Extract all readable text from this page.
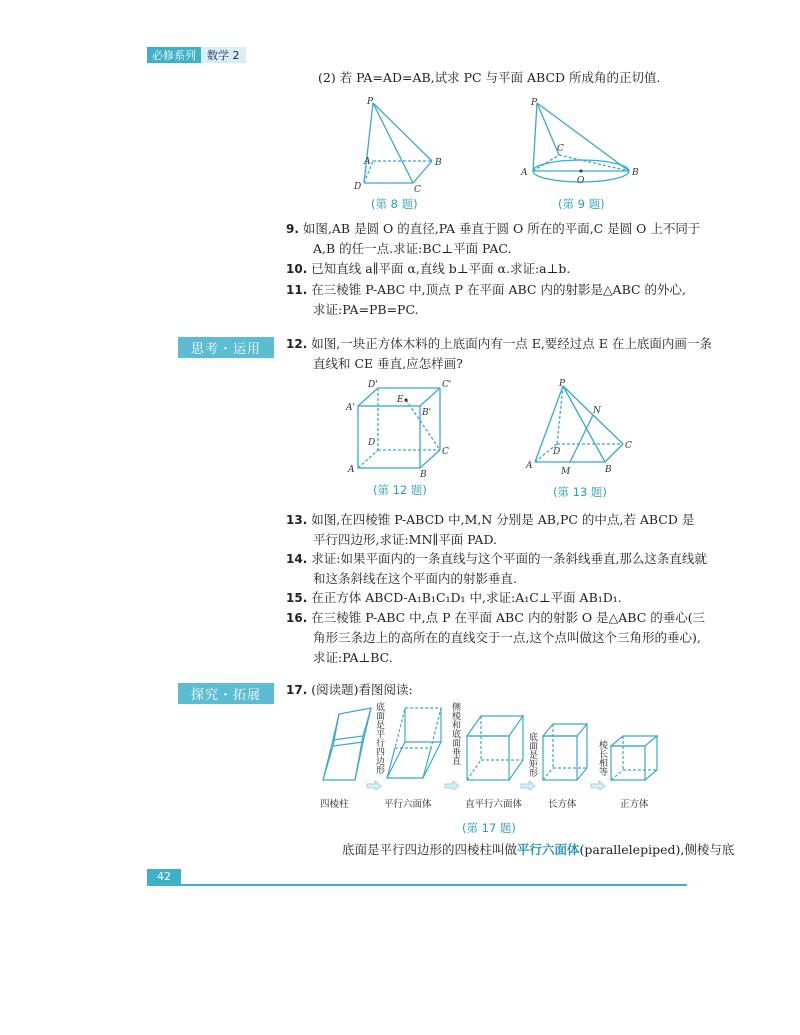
必修系列	数学 2
(2) 若 PA=AD=AB,试求 PC 与平面 ABCD 所成角的正切值.
P
A	B
C
D
(第 8 题)
P
C
A
O
B
(第 9 题)
9. 如图,AB 是圆 O 的直径,PA 垂直于圆 O 所在的平面,C 是圆 O 上不同于
A,B 的任一点.求证:BC⊥平面 PAC.
10. 已知直线 a∥平面 α,直线 b⊥平面 α.求证:a⊥b.
11. 在三棱锥 P-ABC 中,顶点 P 在平面 ABC 内的射影是△ABC 的外心,
求证:PA=PB=PC.
思考・运用	12. 如图,一块正方体木料的上底面内有一点 E,要经过点 E 在上底面内画一条
直线和 CE 垂直,应怎样画?
D'	C'
A'
E
B'
D
C
A	B
(第 12 题)
P
N
D
C
A
M	B
(第 13 题)
13. 如图,在四棱锥 P-ABCD 中,M,N 分别是 AB,PC 的中点,若 ABCD 是
平行四边形,求证:MN∥平面 PAD.
14. 求证:如果平面内的一条直线与这个平面的一条斜线垂直,那么这条直线就
和这条斜线在这个平面内的射影垂直.
15. 在正方体 ABCD-A₁B₁C₁D₁ 中,求证:A₁C⊥平面 AB₁D₁.
16. 在三棱锥 P-ABC 中,点 P 在平面 ABC 内的射影 O 是△ABC 的垂心(三
角形三条边上的高所在的直线交于一点,这个点叫做这个三角形的垂心),
求证:PA⊥BC.
探究・拓展	17. (阅读题)看图阅读:
底面是平行四边形	侧棱和底面垂直	底面是矩形	棱长相等
四棱柱	平行六面体	直平行六面体	长方体	正方体
(第 17 题)
底面是平行四边形的四棱柱叫做平行六面体(parallelepiped),侧棱与底
42
